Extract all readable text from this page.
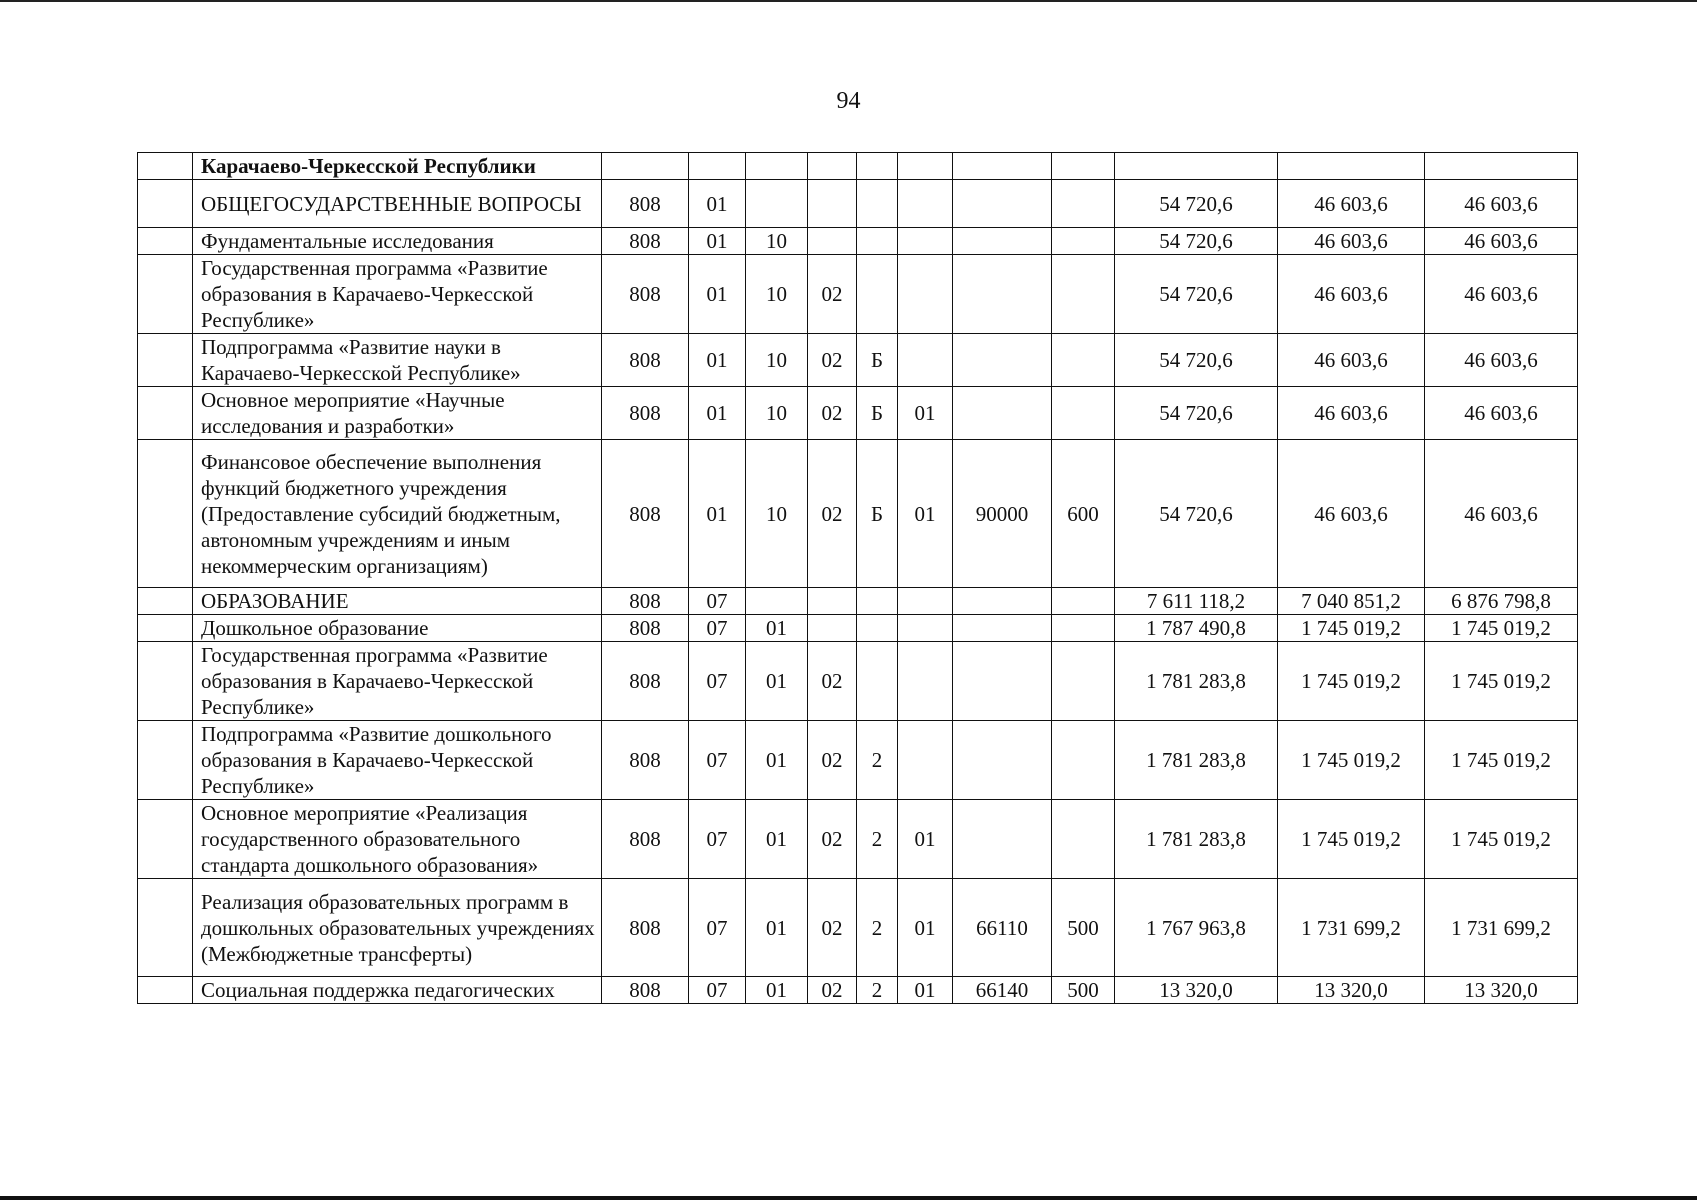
94
	Карачаево-Черкесской Республики											
	ОБЩЕГОСУДАРСТВЕННЫЕ ВОПРОСЫ	808	01							54 720,6	46 603,6	46 603,6
	Фундаментальные исследования	808	01	10						54 720,6	46 603,6	46 603,6
	Государственная программа «Развитие образования в Карачаево-Черкесской Республике»	808	01	10	02					54 720,6	46 603,6	46 603,6
	Подпрограмма «Развитие науки в Карачаево-Черкесской Республике»	808	01	10	02	Б				54 720,6	46 603,6	46 603,6
	Основное мероприятие «Научные исследования и разработки»	808	01	10	02	Б	01			54 720,6	46 603,6	46 603,6
	Финансовое обеспечение выполнения функций бюджетного учреждения (Предоставление субсидий бюджетным, автономным учреждениям и иным некоммерческим организациям)	808	01	10	02	Б	01	90000	600	54 720,6	46 603,6	46 603,6
	ОБРАЗОВАНИЕ	808	07							7 611 118,2	7 040 851,2	6 876 798,8
	Дошкольное образование	808	07	01						1 787 490,8	1 745 019,2	1 745 019,2
	Государственная программа «Развитие образования в Карачаево-Черкесской Республике»	808	07	01	02					1 781 283,8	1 745 019,2	1 745 019,2
	Подпрограмма «Развитие дошкольного образования в Карачаево-Черкесской Республике»	808	07	01	02	2				1 781 283,8	1 745 019,2	1 745 019,2
	Основное мероприятие «Реализация государственного образовательного стандарта дошкольного образования»	808	07	01	02	2	01			1 781 283,8	1 745 019,2	1 745 019,2
	Реализация образовательных программ в дошкольных образовательных учреждениях (Межбюджетные трансферты)	808	07	01	02	2	01	66110	500	1 767 963,8	1 731 699,2	1 731 699,2
	Социальная поддержка педагогических	808	07	01	02	2	01	66140	500	13 320,0	13 320,0	13 320,0
